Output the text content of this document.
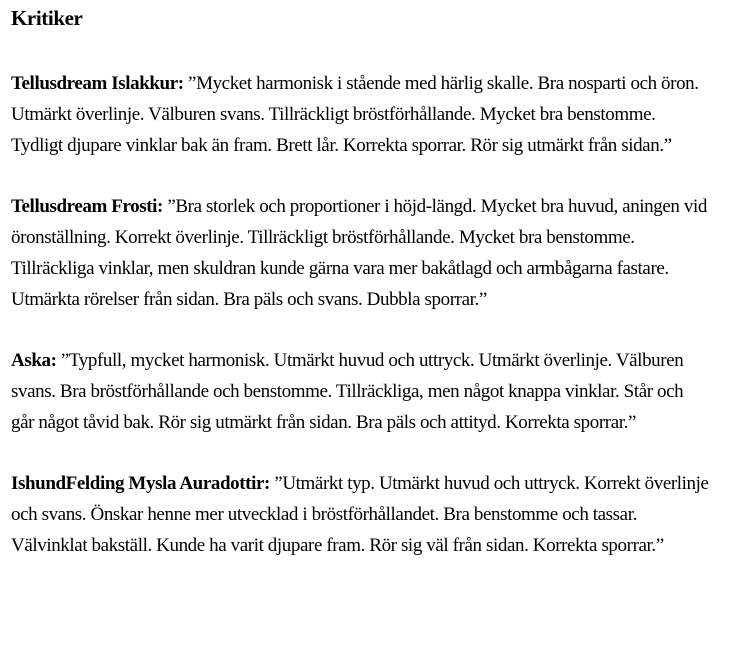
Kritiker

Tellusdream Islakkur: ”Mycket harmonisk i stående med härlig skalle. Bra nosparti och öron. Utmärkt överlinje. Välburen svans. Tillräckligt bröstförhållande. Mycket bra benstomme. Tydligt djupare vinklar bak än fram. Brett lår. Korrekta sporrar. Rör sig utmärkt från sidan.”

Tellusdream Frosti: ”Bra storlek och proportioner i höjd-längd. Mycket bra huvud, aningen vid öronställning. Korrekt överlinje. Tillräckligt bröstförhållande. Mycket bra benstomme. Tillräckliga vinklar, men skuldran kunde gärna vara mer bakåtlagd och armbågarna fastare. Utmärkta rörelser från sidan. Bra päls och svans. Dubbla sporrar.”

Aska: ”Typfull, mycket harmonisk. Utmärkt huvud och uttryck. Utmärkt överlinje. Välburen svans. Bra bröstförhållande och benstomme. Tillräckliga, men något knappa vinklar. Står och går något tåvid bak. Rör sig utmärkt från sidan. Bra päls och attityd. Korrekta sporrar.”

IshundFelding Mysla Auradottir: ”Utmärkt typ. Utmärkt huvud och uttryck. Korrekt överlinje och svans. Önskar henne mer utvecklad i bröstförhållandet. Bra benstomme och tassar. Välvinklat bakställ. Kunde ha varit djupare fram. Rör sig väl från sidan. Korrekta sporrar.”
